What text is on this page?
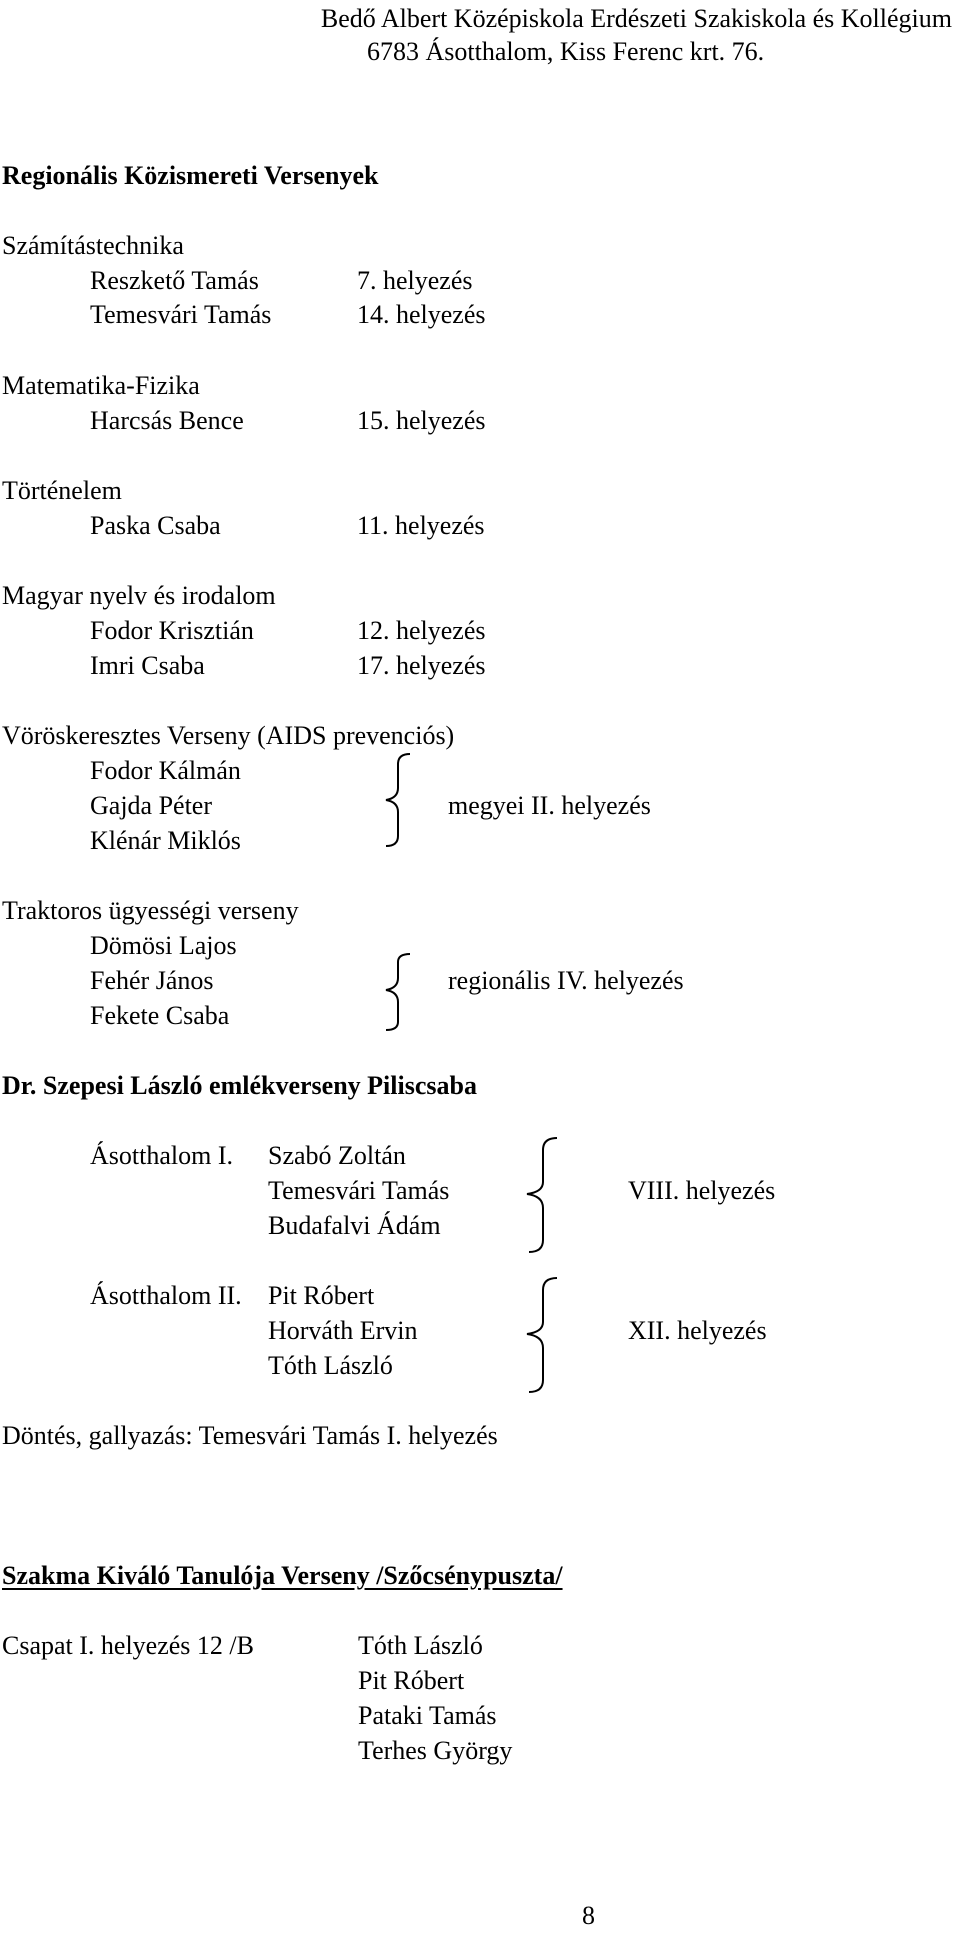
Bedő Albert Középiskola Erdészeti Szakiskola és Kollégium
6783 Ásotthalom, Kiss Ferenc krt. 76.
Regionális Közismereti Versenyek
Számítástechnika
Reszkető Tamás	7. helyezés
Temesvári Tamás	14. helyezés
Matematika-Fizika
Harcsás Bence	15. helyezés
Történelem
Paska Csaba	11. helyezés
Magyar nyelv és irodalom
Fodor Krisztián	12. helyezés
Imri Csaba	17. helyezés
Vöröskeresztes Verseny (AIDS prevenciós)
Fodor Kálmán
Gajda Péter
Klénár Miklós
megyei II. helyezés
Traktoros ügyességi verseny
Dömösi Lajos
Fehér János
Fekete Csaba
regionális IV. helyezés
Dr. Szepesi László emlékverseny Piliscsaba
Ásotthalom I. Szabó Zoltán
Temesvári Tamás
Budafalvi Ádám
VIII. helyezés
Ásotthalom II. Pit Róbert
Horváth Ervin
Tóth László
XII. helyezés
Döntés, gallyazás: Temesvári Tamás I. helyezés
Szakma Kiváló Tanulója Verseny /Szőcsénypuszta/
Csapat I. helyezés 12 /B	Tóth László
Pit Róbert
Pataki Tamás
Terhes György
8
